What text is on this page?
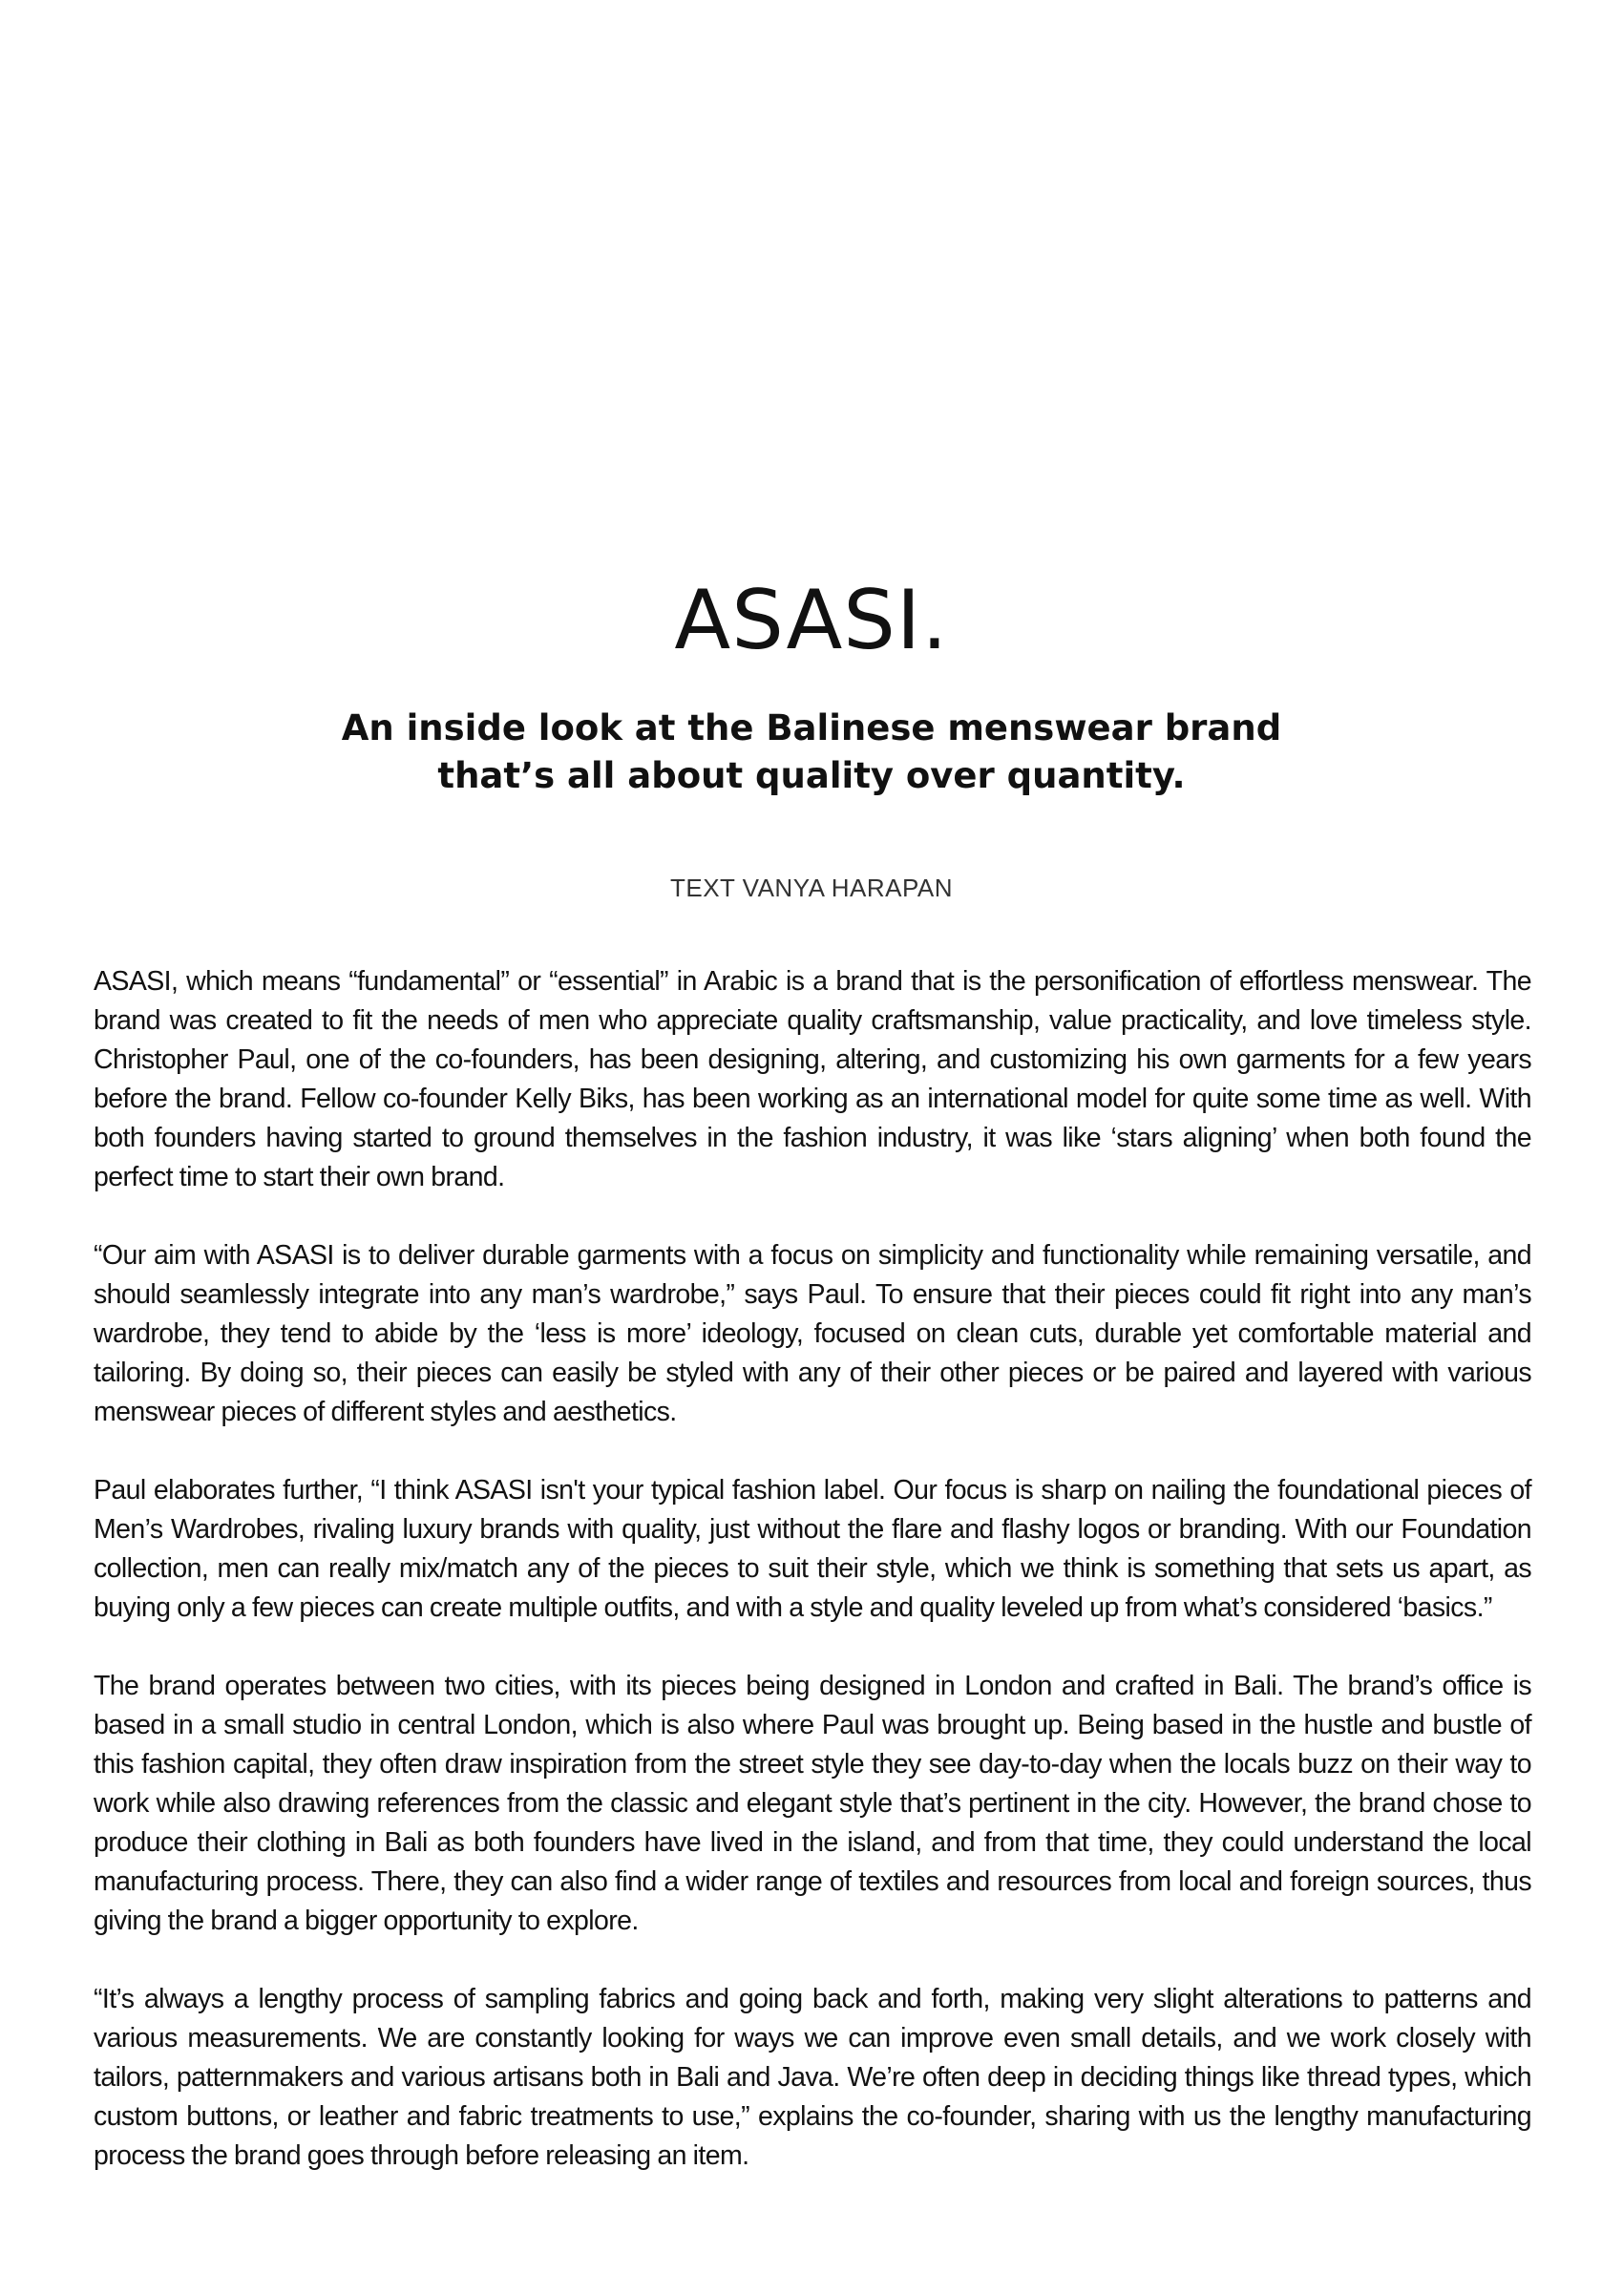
ASASI.
An inside look at the Balinese menswear brand
that’s all about quality over quantity.
TEXT VANYA HARAPAN

ASASI, which means “fundamental” or “essential” in Arabic is a brand that is the personification of effortless menswear. The brand was created to fit the needs of men who appreciate quality craftsmanship, value practicality, and love timeless style. Christopher Paul, one of the co-founders, has been designing, altering, and customizing his own garments for a few years before the brand. Fellow co-founder Kelly Biks, has been working as an international model for quite some time as well. With both founders having started to ground themselves in the fashion industry, it was like ‘stars aligning’ when both found the perfect time to start their own brand.

“Our aim with ASASI is to deliver durable garments with a focus on simplicity and functionality while remaining versatile, and should seamlessly integrate into any man’s wardrobe,” says Paul. To ensure that their pieces could fit right into any man’s wardrobe, they tend to abide by the ‘less is more’ ideology, focused on clean cuts, durable yet comfortable material and tailoring. By doing so, their pieces can easily be styled with any of their other pieces or be paired and layered with various menswear pieces of different styles and aesthetics.

Paul elaborates further, “I think ASASI isn't your typical fashion label. Our focus is sharp on nailing the foundational pieces of Men’s Wardrobes, rivaling luxury brands with quality, just without the flare and flashy logos or branding. With our Foundation collection, men can really mix/match any of the pieces to suit their style, which we think is something that sets us apart, as buying only a few pieces can create multiple outfits, and with a style and quality leveled up from what’s considered ‘basics.”

The brand operates between two cities, with its pieces being designed in London and crafted in Bali. The brand’s office is based in a small studio in central London, which is also where Paul was brought up. Being based in the hustle and bustle of this fashion capital, they often draw inspiration from the street style they see day-to-day when the locals buzz on their way to work while also drawing references from the classic and elegant style that’s pertinent in the city. However, the brand chose to produce their clothing in Bali as both founders have lived in the island, and from that time, they could understand the local manufacturing process. There, they can also find a wider range of textiles and resources from local and foreign sources, thus giving the brand a bigger opportunity to explore.

“It’s always a lengthy process of sampling fabrics and going back and forth, making very slight alterations to patterns and various measurements. We are constantly looking for ways we can improve even small details, and we work closely with tailors, patternmakers and various artisans both in Bali and Java. We’re often deep in deciding things like thread types, which custom buttons, or leather and fabric treatments to use,” explains the co-founder, sharing with us the lengthy manufacturing process the brand goes through before releasing an item.
